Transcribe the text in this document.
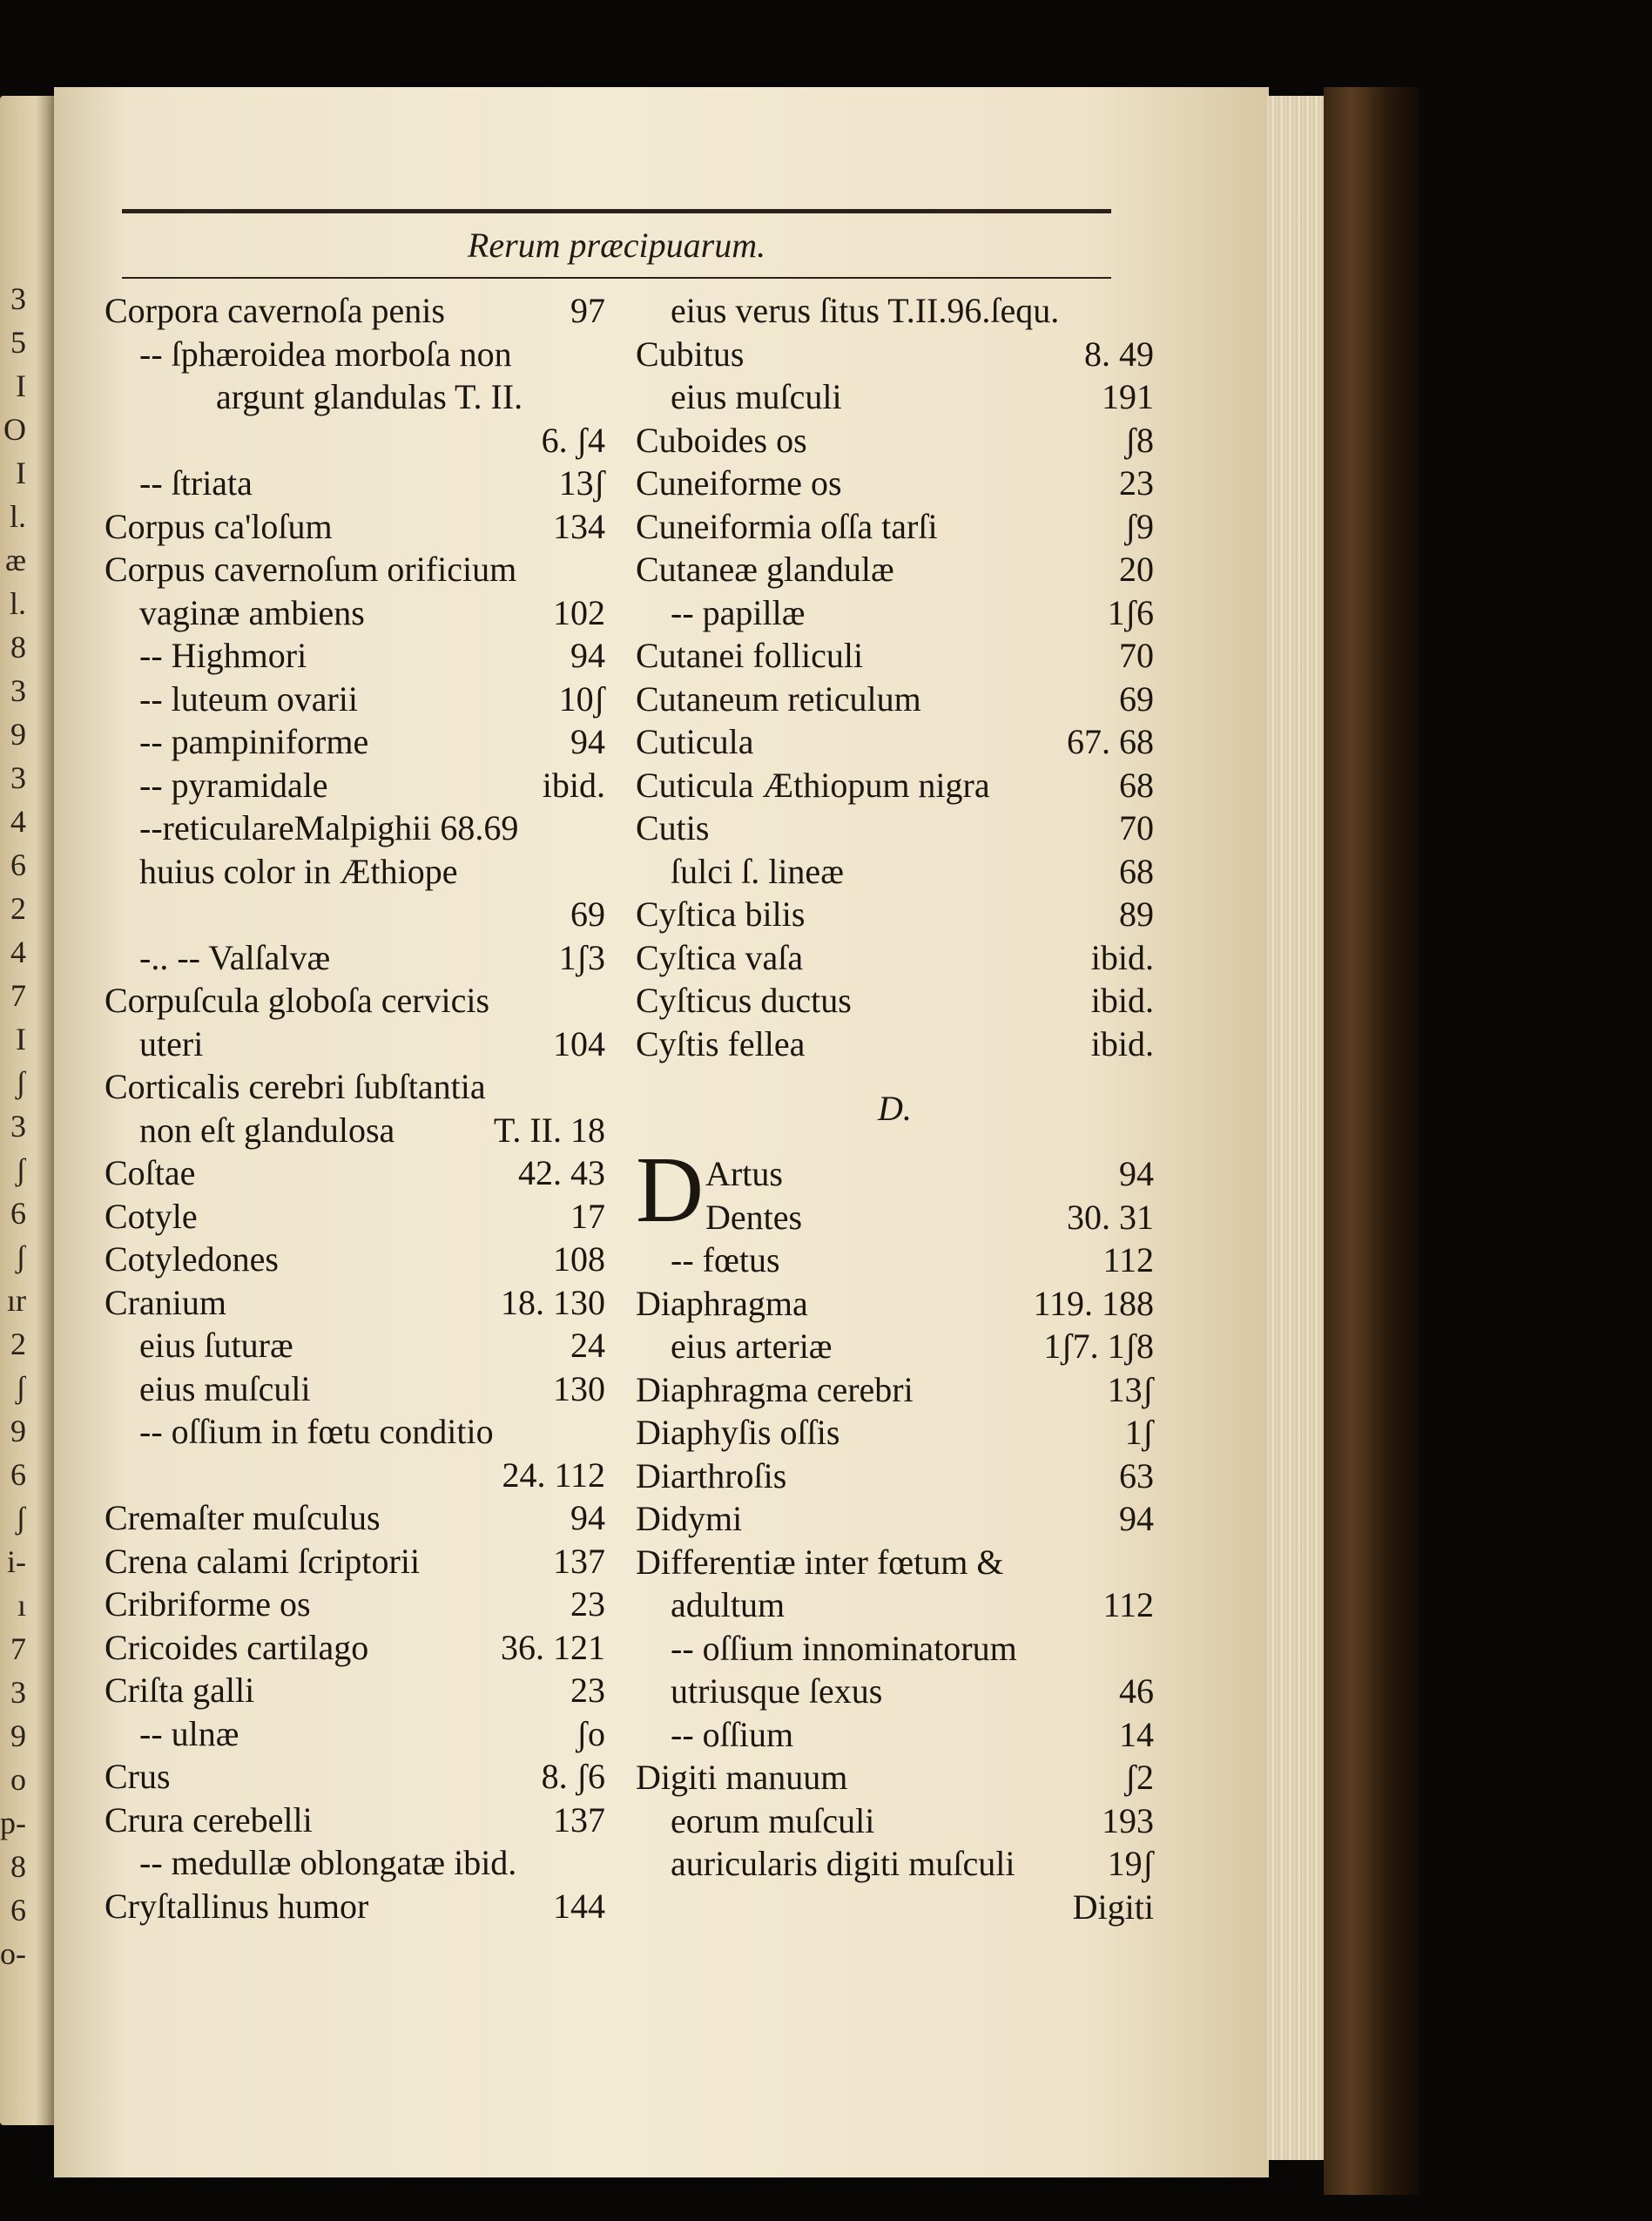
3
5
I
O
I
l.
æ
l.
8
3
9
3
4
6
2
4
7
I
ʃ
3
ʃ
6
ʃ
ır
2
ʃ
9
6
ʃ
i-
ı
7
3
9
o
p-
8
6
o-
Rerum præcipuarum.
Corpora cavernoſa penis	97
-- ſphæroidea morboſa non
argunt glandulas T. II.
6. ʃ4
-- ſtriata	13ʃ
Corpus ca'loſum	134
Corpus cavernoſum orificium
vaginæ ambiens	102
-- Highmori	94
-- luteum ovarii	10ʃ
-- pampiniforme	94
-- pyramidale	ibid.
--reticulareMalpighii 68.69
huius color in Æthiope
69
-.. -- Valſalvæ	1ʃ3
Corpuſcula globoſa cervicis
uteri	104
Corticalis cerebri ſubſtantia
non eſt glandulosa	T. II. 18
Coſtae	42. 43
Cotyle	17
Cotyledones	108
Cranium	18. 130
eius ſuturæ	24
eius muſculi	130
-- oſſium in fœtu conditio
24. 112
Cremaſter muſculus	94
Crena calami ſcriptorii	137
Cribriforme os	23
Cricoides cartilago	36. 121
Criſta galli	23
-- ulnæ	ʃo
Crus	8. ʃ6
Crura cerebelli	137
-- medullæ oblongatæ ibid.
Cryſtallinus humor	144
eius verus ſitus T.II.96.ſequ.
Cubitus	8. 49
eius muſculi	191
Cuboides os	ʃ8
Cuneiforme os	23
Cuneiformia oſſa tarſi	ʃ9
Cutaneæ glandulæ	20
-- papillæ	1ʃ6
Cutanei folliculi	70
Cutaneum reticulum	69
Cuticula	67. 68
Cuticula Æthiopum nigra	68
Cutis	70
ſulci ſ. lineæ	68
Cyſtica bilis	89
Cyſtica vaſa	ibid.
Cyſticus ductus	ibid.
Cyſtis fellea	ibid.
D.
D Artus	94
Dentes	30. 31
-- fœtus	112
Diaphragma	119. 188
eius arteriæ	1ʃ7. 1ʃ8
Diaphragma cerebri	13ʃ
Diaphyſis oſſis	1ʃ
Diarthroſis	63
Didymi	94
Differentiæ inter fœtum &
adultum	112
-- oſſium innominatorum
utriusque ſexus	46
-- oſſium	14
Digiti manuum	ʃ2
eorum muſculi	193
auricularis digiti muſculi	19ʃ
Digiti
